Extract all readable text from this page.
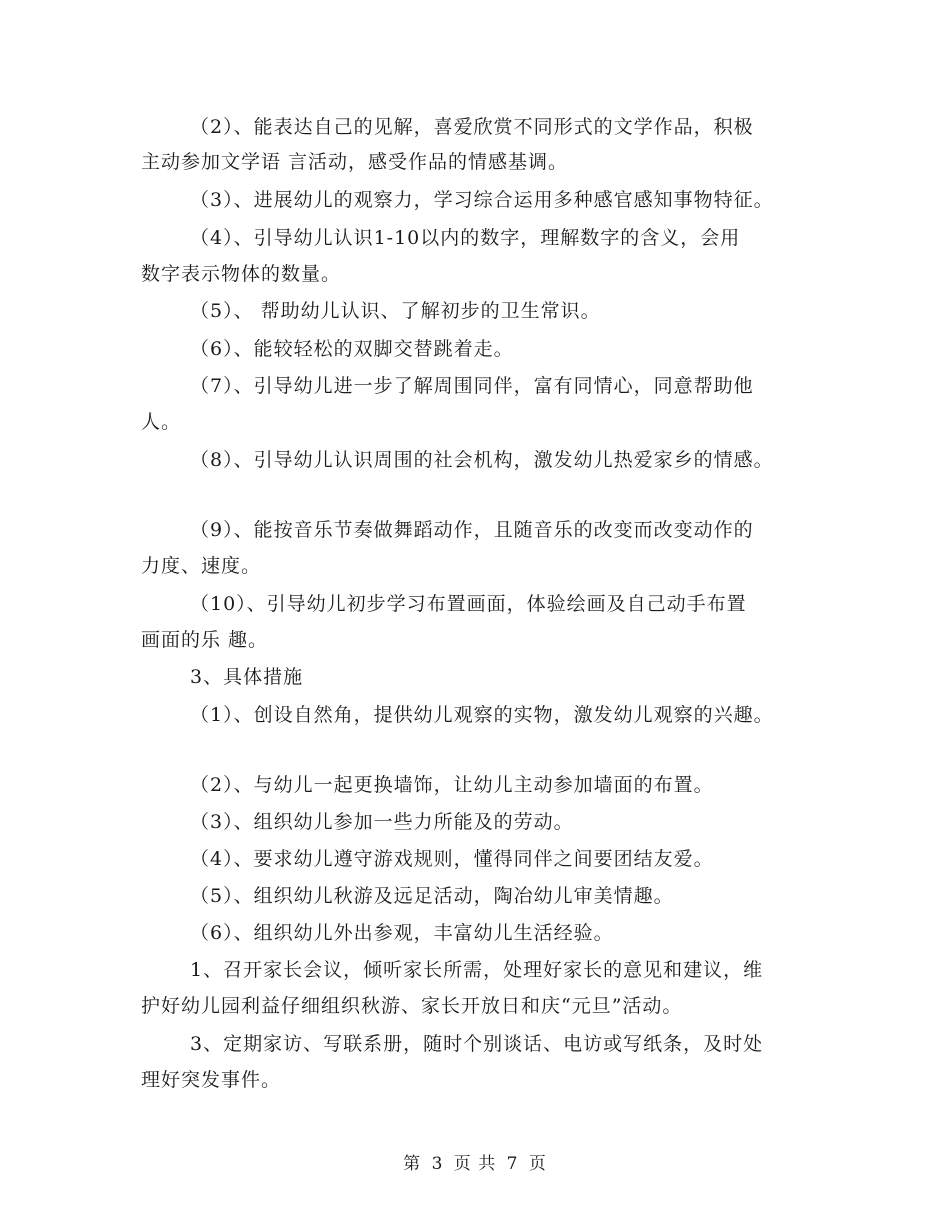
（2）、能表达自己的见解，喜爱欣赏不同形式的文学作品，积极
主动参加文学语 言活动，感受作品的情感基调。
（3）、进展幼儿的观察力，学习综合运用多种感官感知事物特征。
（4）、引导幼儿认识1-10以内的数字，理解数字的含义，会用
数字表示物体的数量。
（5）、 帮助幼儿认识、了解初步的卫生常识。
（6）、能较轻松的双脚交替跳着走。
（7）、引导幼儿进一步了解周围同伴，富有同情心，同意帮助他
人。
（8）、引导幼儿认识周围的社会机构，激发幼儿热爱家乡的情感。
（9）、能按音乐节奏做舞蹈动作，且随音乐的改变而改变动作的
力度、速度。
（10）、引导幼儿初步学习布置画面，体验绘画及自己动手布置
画面的乐 趣。
3、具体措施
（1）、创设自然角，提供幼儿观察的实物，激发幼儿观察的兴趣。
（2）、与幼儿一起更换墙饰，让幼儿主动参加墙面的布置。
（3）、组织幼儿参加一些力所能及的劳动。
（4）、要求幼儿遵守游戏规则，懂得同伴之间要团结友爱。
（5）、组织幼儿秋游及远足活动，陶冶幼儿审美情趣。
（6）、组织幼儿外出参观，丰富幼儿生活经验。
1、召开家长会议，倾听家长所需，处理好家长的意见和建议，维
护好幼儿园利益仔细组织秋游、家长开放日和庆“元旦”活动。
3、定期家访、写联系册，随时个别谈话、电访或写纸条，及时处
理好突发事件。
第 3 页 共 7 页
